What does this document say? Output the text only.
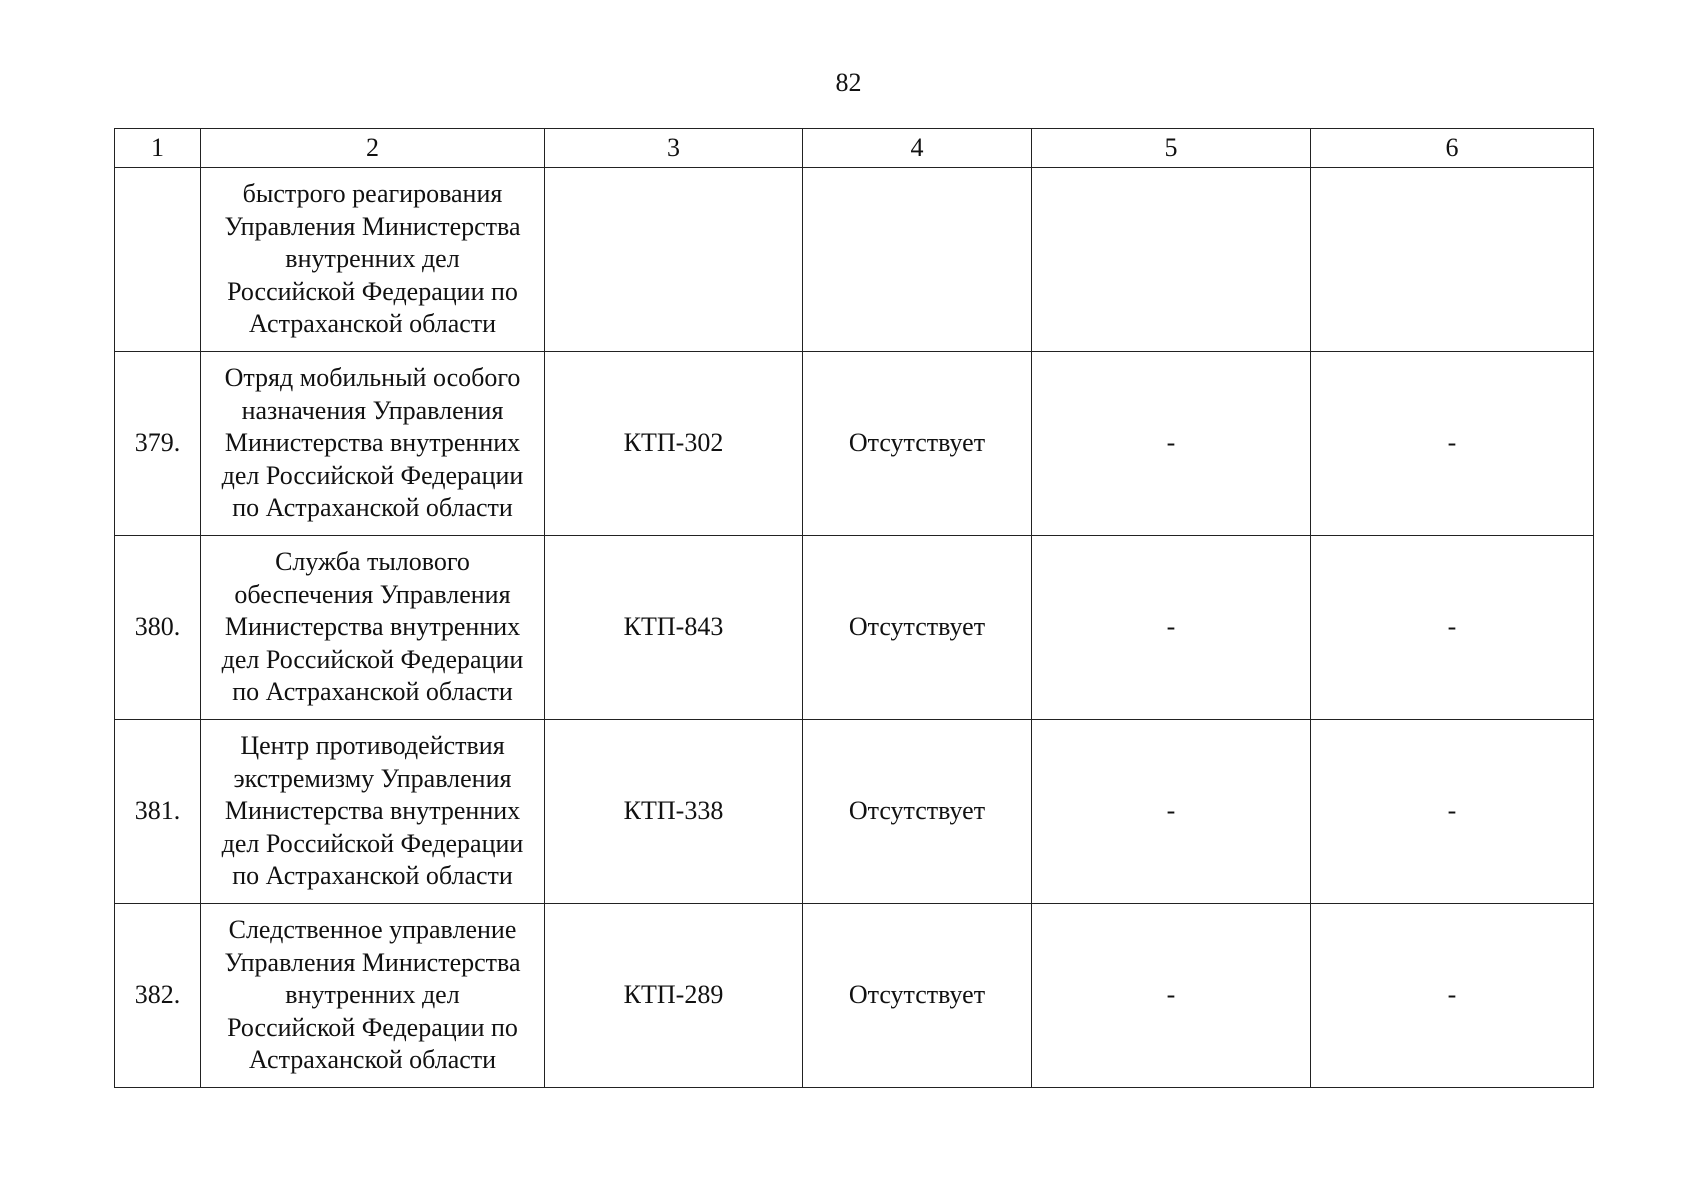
82
1	2	3	4	5	6

	быстрого реагирования
Управления Министерства
внутренних дел
Российской Федерации по
Астраханской области				

379.	Отряд мобильный особого
назначения Управления
Министерства внутренних
дел Российской Федерации
по Астраханской области	КТП-302	Отсутствует	-	-
380.	Служба тылового
обеспечения Управления
Министерства внутренних
дел Российской Федерации
по Астраханской области	КТП-843	Отсутствует	-	-
381.	Центр противодействия
экстремизму Управления
Министерства внутренних
дел Российской Федерации
по Астраханской области	КТП-338	Отсутствует	-	-
382.	Следственное управление
Управления Министерства
внутренних дел
Российской Федерации по
Астраханской области	КТП-289	Отсутствует	-	-
